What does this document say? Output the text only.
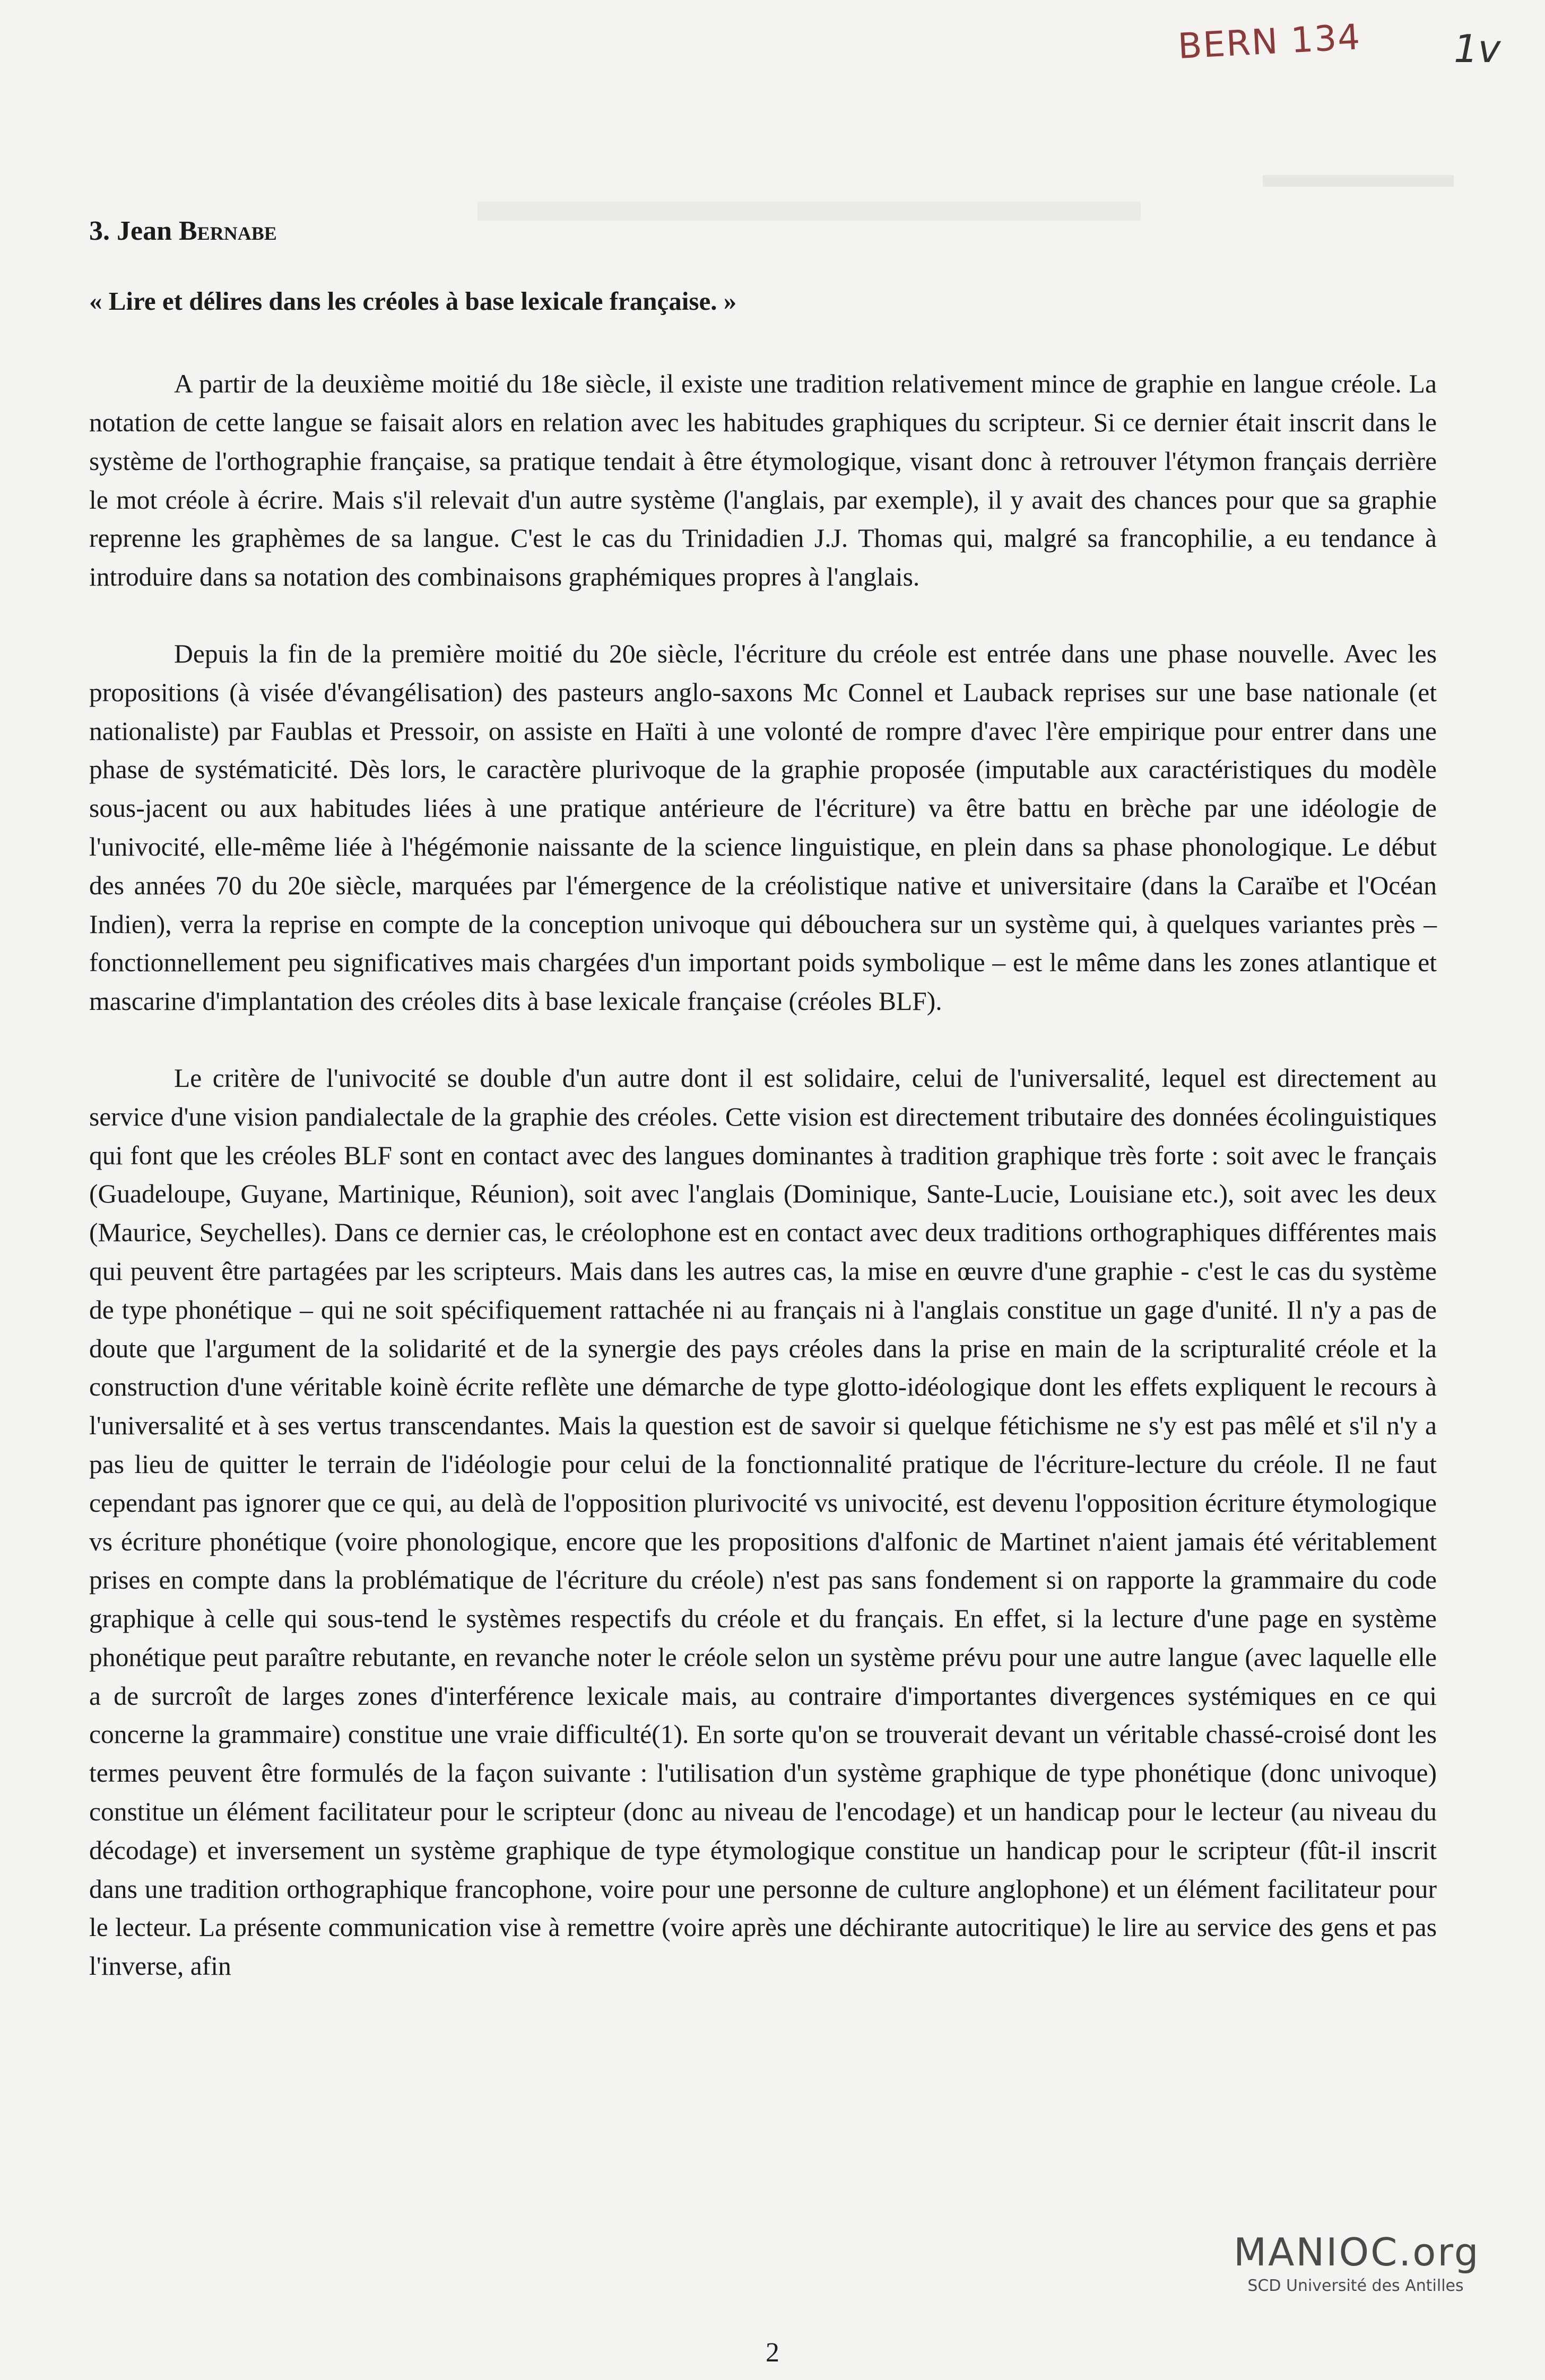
BERN 134 1v
3. Jean Bernabe
« Lire et délires dans les créoles à base lexicale française. »

A partir de la deuxième moitié du 18e siècle, il existe une tradition relativement mince de graphie en langue créole. La notation de cette langue se faisait alors en relation avec les habitudes graphiques du scripteur. Si ce dernier était inscrit dans le système de l'orthographie française, sa pratique tendait à être étymologique, visant donc à retrouver l'étymon français derrière le mot créole à écrire. Mais s'il relevait d'un autre système (l'anglais, par exemple), il y avait des chances pour que sa graphie reprenne les graphèmes de sa langue. C'est le cas du Trinidadien J.J. Thomas qui, malgré sa francophilie, a eu tendance à introduire dans sa notation des combinaisons graphémiques propres à l'anglais.

Depuis la fin de la première moitié du 20e siècle, l'écriture du créole est entrée dans une phase nouvelle. Avec les propositions (à visée d'évangélisation) des pasteurs anglo-saxons Mc Connel et Lauback reprises sur une base nationale (et nationaliste) par Faublas et Pressoir, on assiste en Haïti à une volonté de rompre d'avec l'ère empirique pour entrer dans une phase de systématicité. Dès lors, le caractère plurivoque de la graphie proposée (imputable aux caractéristiques du modèle sous-jacent ou aux habitudes liées à une pratique antérieure de l'écriture) va être battu en brèche par une idéologie de l'univocité, elle-même liée à l'hégémonie naissante de la science linguistique, en plein dans sa phase phonologique. Le début des années 70 du 20e siècle, marquées par l'émergence de la créolistique native et universitaire (dans la Caraïbe et l'Océan Indien), verra la reprise en compte de la conception univoque qui débouchera sur un système qui, à quelques variantes près – fonctionnellement peu significatives mais chargées d'un important poids symbolique – est le même dans les zones atlantique et mascarine d'implantation des créoles dits à base lexicale française (créoles BLF).

Le critère de l'univocité se double d'un autre dont il est solidaire, celui de l'universalité, lequel est directement au service d'une vision pandialectale de la graphie des créoles. Cette vision est directement tributaire des données écolinguistiques qui font que les créoles BLF sont en contact avec des langues dominantes à tradition graphique très forte : soit avec le français (Guadeloupe, Guyane, Martinique, Réunion), soit avec l'anglais (Dominique, Sante-Lucie, Louisiane etc.), soit avec les deux (Maurice, Seychelles). Dans ce dernier cas, le créolophone est en contact avec deux traditions orthographiques différentes mais qui peuvent être partagées par les scripteurs. Mais dans les autres cas, la mise en œuvre d'une graphie - c'est le cas du système de type phonétique – qui ne soit spécifiquement rattachée ni au français ni à l'anglais constitue un gage d'unité. Il n'y a pas de doute que l'argument de la solidarité et de la synergie des pays créoles dans la prise en main de la scripturalité créole et la construction d'une véritable koinè écrite reflète une démarche de type glotto-idéologique dont les effets expliquent le recours à l'universalité et à ses vertus transcendantes. Mais la question est de savoir si quelque fétichisme ne s'y est pas mêlé et s'il n'y a pas lieu de quitter le terrain de l'idéologie pour celui de la fonctionnalité pratique de l'écriture-lecture du créole. Il ne faut cependant pas ignorer que ce qui, au delà de l'opposition plurivocité vs univocité, est devenu l'opposition écriture étymologique vs écriture phonétique (voire phonologique, encore que les propositions d'alfonic de Martinet n'aient jamais été véritablement prises en compte dans la problématique de l'écriture du créole) n'est pas sans fondement si on rapporte la grammaire du code graphique à celle qui sous-tend le systèmes respectifs du créole et du français. En effet, si la lecture d'une page en système phonétique peut paraître rebutante, en revanche noter le créole selon un système prévu pour une autre langue (avec laquelle elle a de surcroît de larges zones d'interférence lexicale mais, au contraire d'importantes divergences systémiques en ce qui concerne la grammaire) constitue une vraie difficulté(1). En sorte qu'on se trouverait devant un véritable chassé-croisé dont les termes peuvent être formulés de la façon suivante : l'utilisation d'un système graphique de type phonétique (donc univoque) constitue un élément facilitateur pour le scripteur (donc au niveau de l'encodage) et un handicap pour le lecteur (au niveau du décodage) et inversement un système graphique de type étymologique constitue un handicap pour le scripteur (fût-il inscrit dans une tradition orthographique francophone, voire pour une personne de culture anglophone) et un élément facilitateur pour le lecteur. La présente communication vise à remettre (voire après une déchirante autocritique) le lire au service des gens et pas l'inverse, afin

MANIOC.org
SCD Université des Antilles
2
